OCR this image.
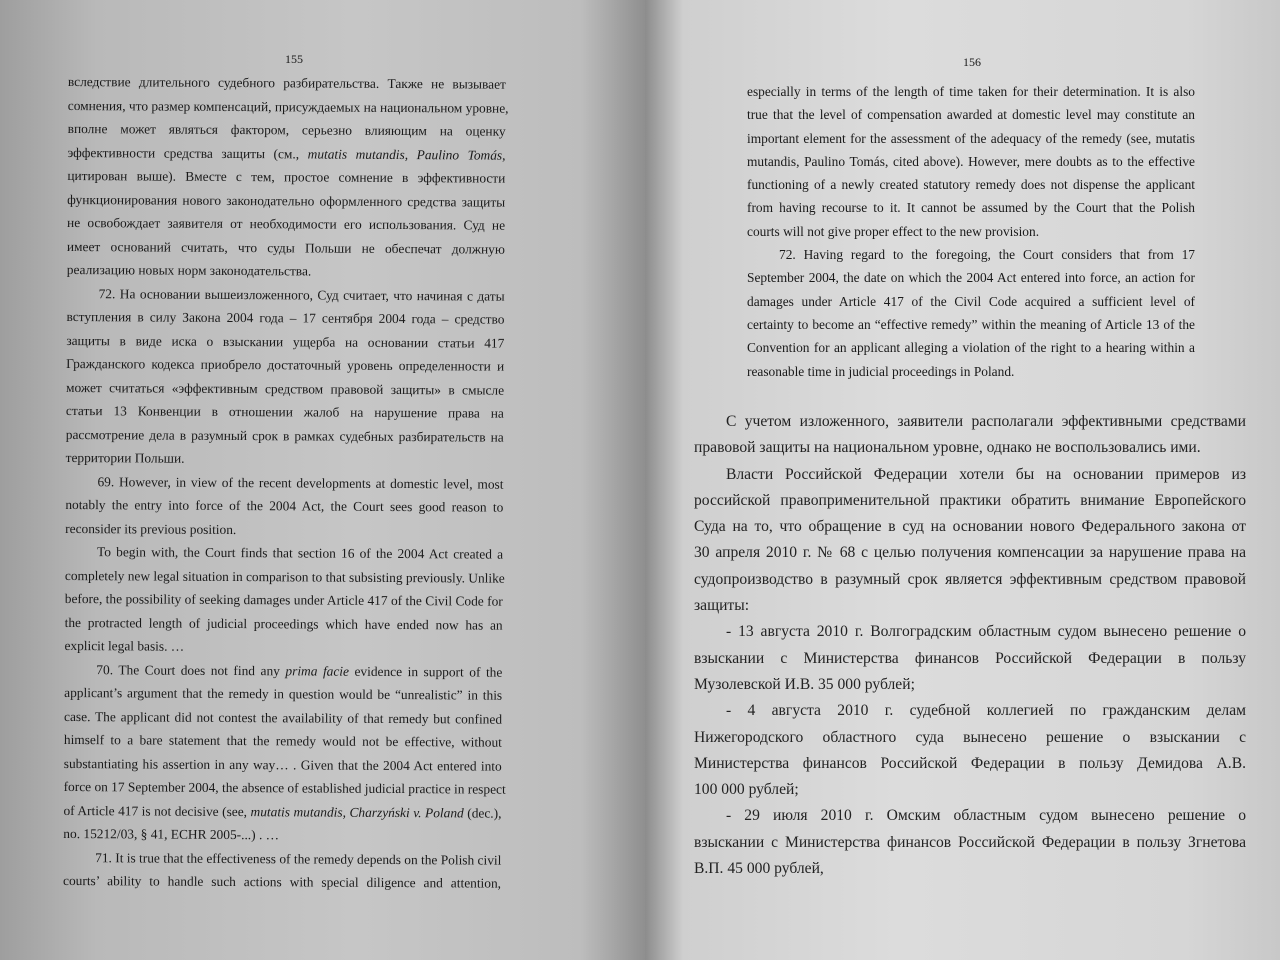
155
вследствие длительного судебного разбирательства. Также не вызывает
сомнения, что размер компенсаций, присуждаемых на национальном уровне,
вполне может являться фактором, серьезно влияющим на оценку
эффективности средства защиты (см., mutatis mutandis, Paulino Tomás,
цитирован выше). Вместе с тем, простое сомнение в эффективности
функционирования нового законодательно оформленного средства защиты
не освобождает заявителя от необходимости его использования. Суд не
имеет оснований считать, что суды Польши не обеспечат должную
реализацию новых норм законодательства.
72. На основании вышеизложенного, Суд считает, что начиная с даты
вступления в силу Закона 2004 года – 17 сентября 2004 года – средство
защиты в виде иска о взыскании ущерба на основании статьи 417
Гражданского кодекса приобрело достаточный уровень определенности и
может считаться «эффективным средством правовой защиты» в смысле
статьи 13 Конвенции в отношении жалоб на нарушение права на
рассмотрение дела в разумный срок в рамках судебных разбирательств на
территории Польши.
69. However, in view of the recent developments at domestic level, most
notably the entry into force of the 2004 Act, the Court sees good reason to
reconsider its previous position.
To begin with, the Court finds that section 16 of the 2004 Act created a
completely new legal situation in comparison to that subsisting previously. Unlike
before, the possibility of seeking damages under Article 417 of the Civil Code for
the protracted length of judicial proceedings which have ended now has an
explicit legal basis. …
70. The Court does not find any prima facie evidence in support of the
applicant’s argument that the remedy in question would be “unrealistic” in this
case. The applicant did not contest the availability of that remedy but confined
himself to a bare statement that the remedy would not be effective, without
substantiating his assertion in any way… . Given that the 2004 Act entered into
force on 17 September 2004, the absence of established judicial practice in respect
of Article 417 is not decisive (see, mutatis mutandis, Charzyński v. Poland (dec.),
no. 15212/03, § 41, ECHR 2005-...) . …
71. It is true that the effectiveness of the remedy depends on the Polish civil
courts’ ability to handle such actions with special diligence and attention,
156
especially in terms of the length of time taken for their determination. It is also
true that the level of compensation awarded at domestic level may constitute an
important element for the assessment of the adequacy of the remedy (see, mutatis
mutandis, Paulino Tomás, cited above). However, mere doubts as to the effective
functioning of a newly created statutory remedy does not dispense the applicant
from having recourse to it. It cannot be assumed by the Court that the Polish
courts will not give proper effect to the new provision.
72. Having regard to the foregoing, the Court considers that from 17
September 2004, the date on which the 2004 Act entered into force, an action for
damages under Article 417 of the Civil Code acquired a sufficient level of
certainty to become an “effective remedy” within the meaning of Article 13 of the
Convention for an applicant alleging a violation of the right to a hearing within a
reasonable time in judicial proceedings in Poland.
С учетом изложенного, заявители располагали эффективными средствами
правовой защиты на национальном уровне, однако не воспользовались ими.
Власти Российской Федерации хотели бы на основании примеров из
российской правоприменительной практики обратить внимание Европейского
Суда на то, что обращение в суд на основании нового Федерального закона от
30 апреля 2010 г. № 68 с целью получения компенсации за нарушение права на
судопроизводство в разумный срок является эффективным средством правовой
защиты:
- 13 августа 2010 г. Волгоградским областным судом вынесено решение о
взыскании с Министерства финансов Российской Федерации в пользу
Музолевской И.В. 35 000 рублей;
- 4 августа 2010 г. судебной коллегией по гражданским делам
Нижегородского областного суда вынесено решение о взыскании с
Министерства финансов Российской Федерации в пользу Демидова А.В.
100 000 рублей;
- 29 июля 2010 г. Омским областным судом вынесено решение о
взыскании с Министерства финансов Российской Федерации в пользу Згнетова
В.П. 45 000 рублей,
